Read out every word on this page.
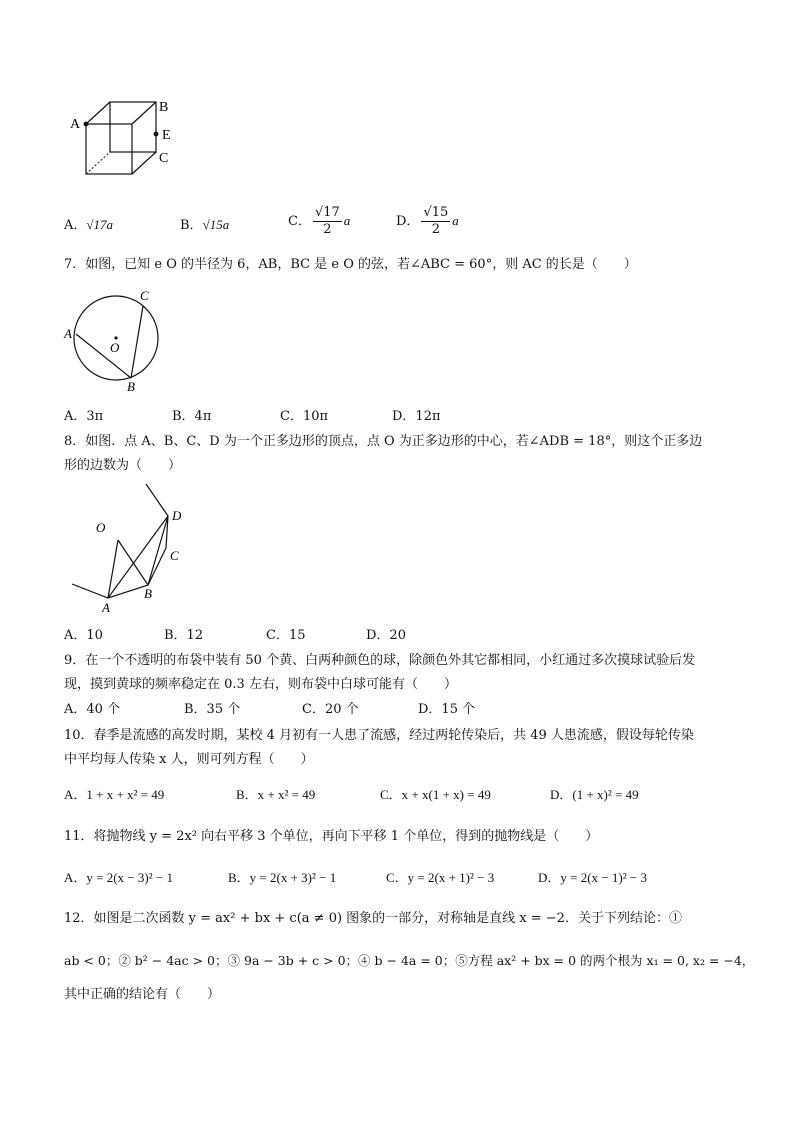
A
B
E
C
A．√17a	B．√15a	C． $\frac{√17}{2}$ a	D． $\frac{√15}{2}$ a
7．如图，已知 e O 的半径为 6，AB，BC 是 e O 的弦，若∠ABC = 60°，则 AC 的长是（　　）
A
C
O
B
A．3π	B．4π	C．10π	D．12π
8．如图．点 A、B、C、D 为一个正多边形的顶点，点 O 为正多边形的中心，若∠ADB = 18°，则这个正多边
形的边数为（　　）
O
D
C
B
A
A．10	B．12	C．15	D．20
9．在一个不透明的布袋中装有 50 个黄、白两种颜色的球，除颜色外其它都相同，小红通过多次摸球试验后发
现，摸到黄球的频率稳定在 0.3 左右，则布袋中白球可能有（　　）
A．40 个	B．35 个	C．20 个	D．15 个
10．春季是流感的高发时期，某校 4 月初有一人患了流感，经过两轮传染后，共 49 人患流感，假设每轮传染
中平均每人传染 x 人，则可列方程（　　）
A．1 + x + x² = 49	B．x + x² = 49	C．x + x(1 + x) = 49	D．(1 + x)² = 49
11．将抛物线 y = 2x² 向右平移 3 个单位，再向下平移 1 个单位，得到的抛物线是（　　）
A．y = 2(x − 3)² − 1	B．y = 2(x + 3)² − 1	C．y = 2(x + 1)² − 3	D．y = 2(x − 1)² − 3
12．如图是二次函数 y = ax² + bx + c(a ≠ 0) 图象的一部分，对称轴是直线 x = −2．关于下列结论：①
ab < 0；② b² − 4ac > 0；③ 9a − 3b + c > 0；④ b − 4a = 0；⑤方程 ax² + bx = 0 的两个根为 x₁ = 0, x₂ = −4，
其中正确的结论有（　　）
